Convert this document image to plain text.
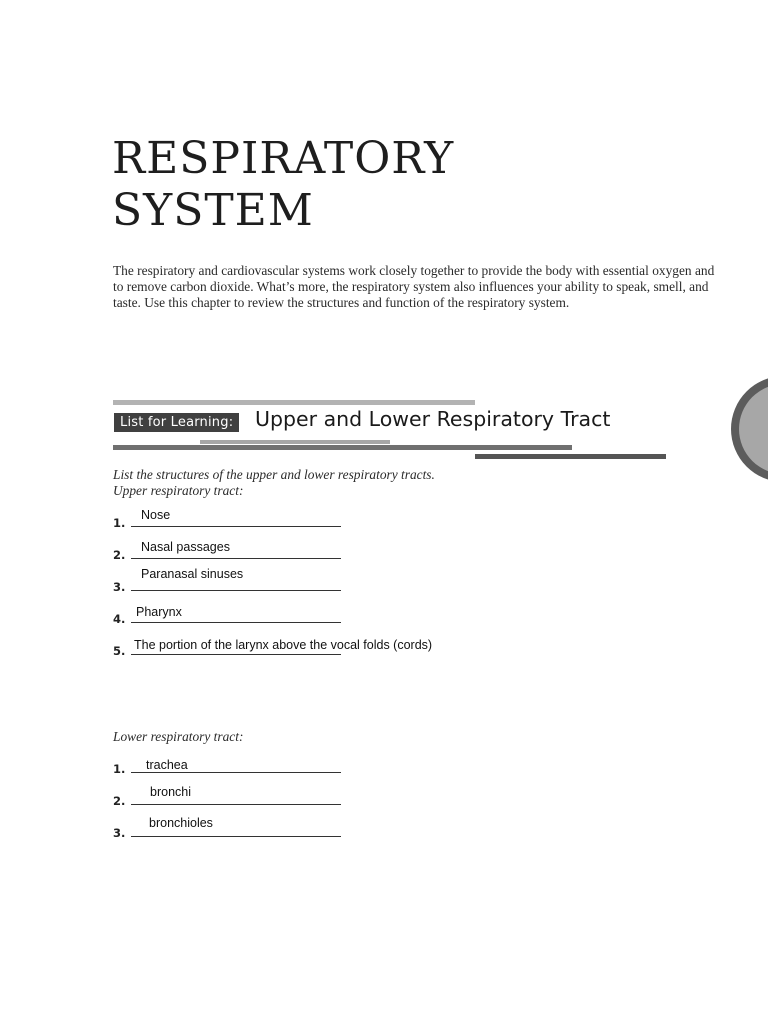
RESPIRATORY
SYSTEM

The respiratory and cardiovascular systems work closely together to provide the body with essential oxygen and to remove carbon dioxide. What’s more, the respiratory system also influences your ability to speak, smell, and taste. Use this chapter to review the structures and function of the respiratory system.

List for Learning: Upper and Lower Respiratory Tract

List the structures of the upper and lower respiratory tracts.

Upper respiratory tract:

1.
Nose
2.
Nasal passages
3.
Paranasal sinuses
4. Pharynx
5. The portion of the larynx above the vocal folds (cords)

Lower respiratory tract:

1. trachea
2.
bronchi
3.
bronchioles
